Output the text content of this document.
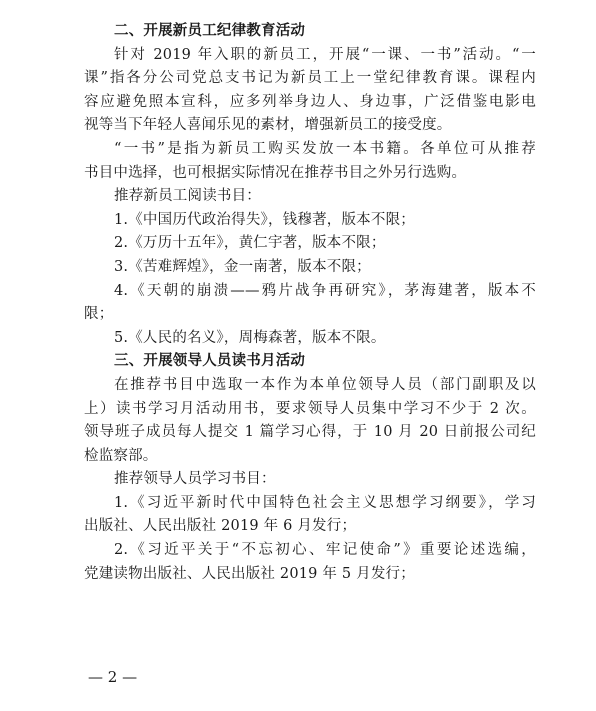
二、开展新员工纪律教育活动
针对 2019 年入职的新员工，开展“一课、一书”活动。“一
课”指各分公司党总支书记为新员工上一堂纪律教育课。课程内
容应避免照本宣科，应多列举身边人、身边事，广泛借鉴电影电
视等当下年轻人喜闻乐见的素材，增强新员工的接受度。
“一书”是指为新员工购买发放一本书籍。各单位可从推荐
书目中选择，也可根据实际情况在推荐书目之外另行选购。
推荐新员工阅读书目：
1.《中国历代政治得失》，钱穆著，版本不限；
2.《万历十五年》，黄仁宇著，版本不限；
3.《苦难辉煌》，金一南著，版本不限；
4.《天朝的崩溃——鸦片战争再研究》，茅海建著，版本不
限；
5.《人民的名义》，周梅森著，版本不限。
三、开展领导人员读书月活动
在推荐书目中选取一本作为本单位领导人员（部门副职及以
上）读书学习月活动用书，要求领导人员集中学习不少于 2 次。
领导班子成员每人提交 1 篇学习心得，于 10 月 20 日前报公司纪
检监察部。
推荐领导人员学习书目：
1.《习近平新时代中国特色社会主义思想学习纲要》，学习
出版社、人民出版社 2019 年 6 月发行；
2.《习近平关于“不忘初心、牢记使命”》重要论述选编，
党建读物出版社、人民出版社 2019 年 5 月发行；
— 2 —
